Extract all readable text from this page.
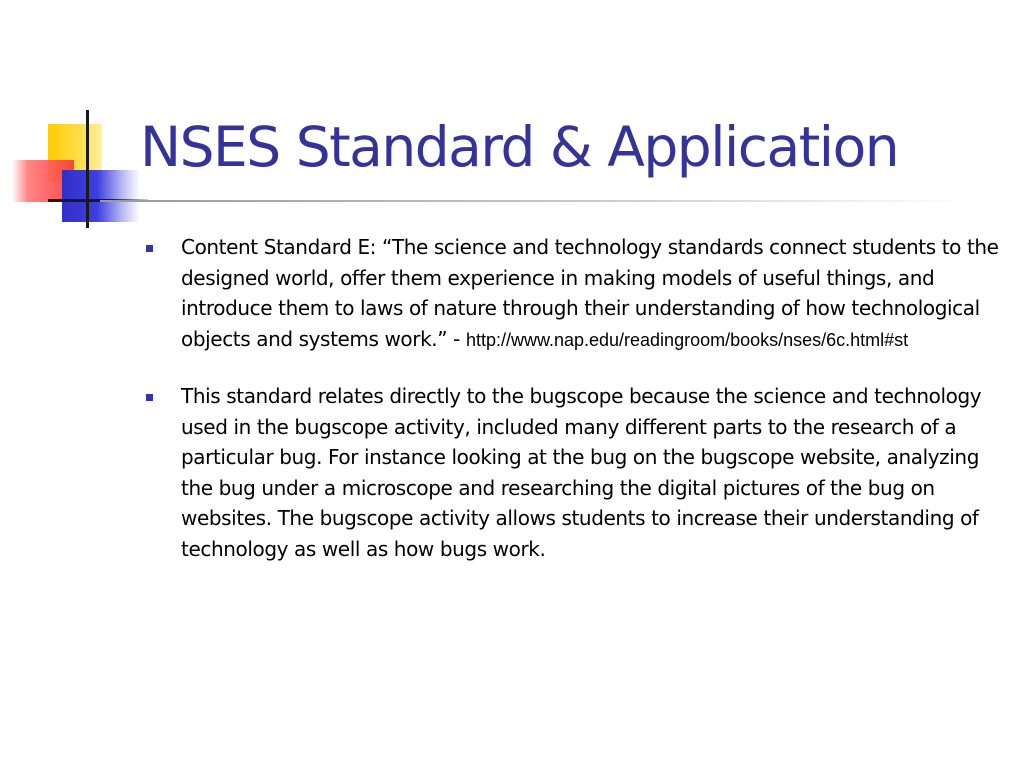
NSES Standard & Application
Content Standard E: “The science and technology standards connect students to the designed world, offer them experience in making models of useful things, and introduce them to laws of nature through their understanding of how technological objects and systems work.” - http://www.nap.edu/readingroom/books/nses/6c.html#st
This standard relates directly to the bugscope because the science and technology used in the bugscope activity, included many different parts to the research of a particular bug. For instance looking at the bug on the bugscope website, analyzing the bug under a microscope and researching the digital pictures of the bug on websites. The bugscope activity allows students to increase their understanding of technology as well as how bugs work.
